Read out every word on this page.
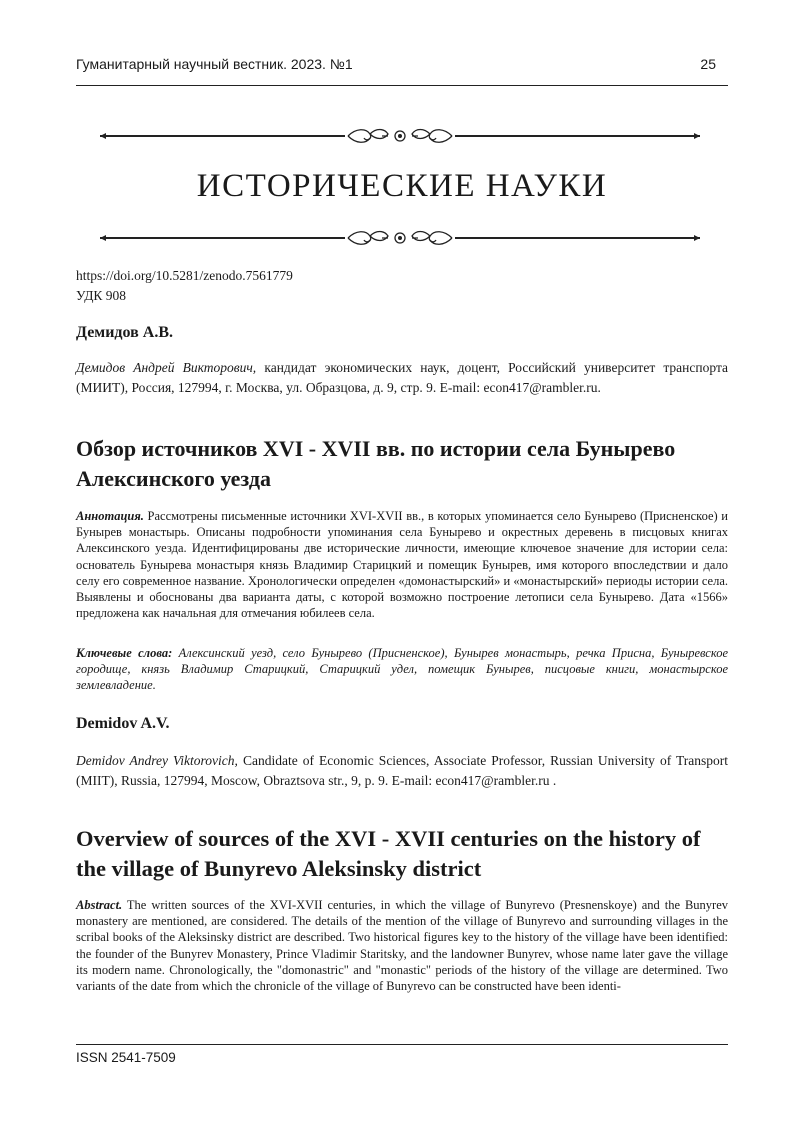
Гуманитарный научный вестник. 2023. №1	25
ИСТОРИЧЕСКИЕ НАУКИ
https://doi.org/10.5281/zenodo.7561779
УДК 908
Демидов А.В.
Демидов Андрей Викторович, кандидат экономических наук, доцент, Российский университет транспорта (МИИТ), Россия, 127994, г. Москва, ул. Образцова, д. 9, стр. 9. E-mail: econ417@rambler.ru.
Обзор источников XVI - XVII вв. по истории села Бунырево Алексинского уезда
Аннотация. Рассмотрены письменные источники XVI-XVII вв., в которых упоминается село Бунырево (Присненское) и Бунырев монастырь. Описаны подробности упоминания села Бунырево и окрестных деревень в писцовых книгах Алексинского уезда. Идентифицированы две исторические личности, имеющие ключевое значение для истории села: основатель Бунырева монастыря князь Владимир Старицкий и помещик Бунырев, имя которого впоследствии и дало селу его современное название. Хронологически определен «домонастырский» и «монастырский» периоды истории села. Выявлены и обоснованы два варианта даты, с которой возможно построение летописи села Бунырево. Дата «1566» предложена как начальная для отмечания юбилеев села.
Ключевые слова: Алексинский уезд, село Бунырево (Присненское), Бунырев монастырь, речка Присна, Буныревское городище, князь Владимир Старицкий, Старицкий удел, помещик Бунырев, писцовые книги, монастырское землевладение.
Demidov A.V.
Demidov Andrey Viktorovich, Candidate of Economic Sciences, Associate Professor, Russian University of Transport (MIIT), Russia, 127994, Moscow, Obraztsova str., 9, p. 9. E-mail: econ417@rambler.ru .
Overview of sources of the XVI - XVII centuries on the history of the village of Bunyrevo Aleksinsky district
Abstract. The written sources of the XVI-XVII centuries, in which the village of Bunyrevo (Presnenskoye) and the Bunyrev monastery are mentioned, are considered. The details of the mention of the village of Bunyrevo and surrounding villages in the scribal books of the Aleksinsky district are described. Two historical figures key to the history of the village have been identified: the founder of the Bunyrev Monastery, Prince Vladimir Staritsky, and the landowner Bunyrev, whose name later gave the village its modern name. Chronologically, the "domonastric" and "monastic" periods of the history of the village are determined. Two variants of the date from which the chronicle of the village of Bunyrevo can be constructed have been identi-
ISSN 2541-7509
